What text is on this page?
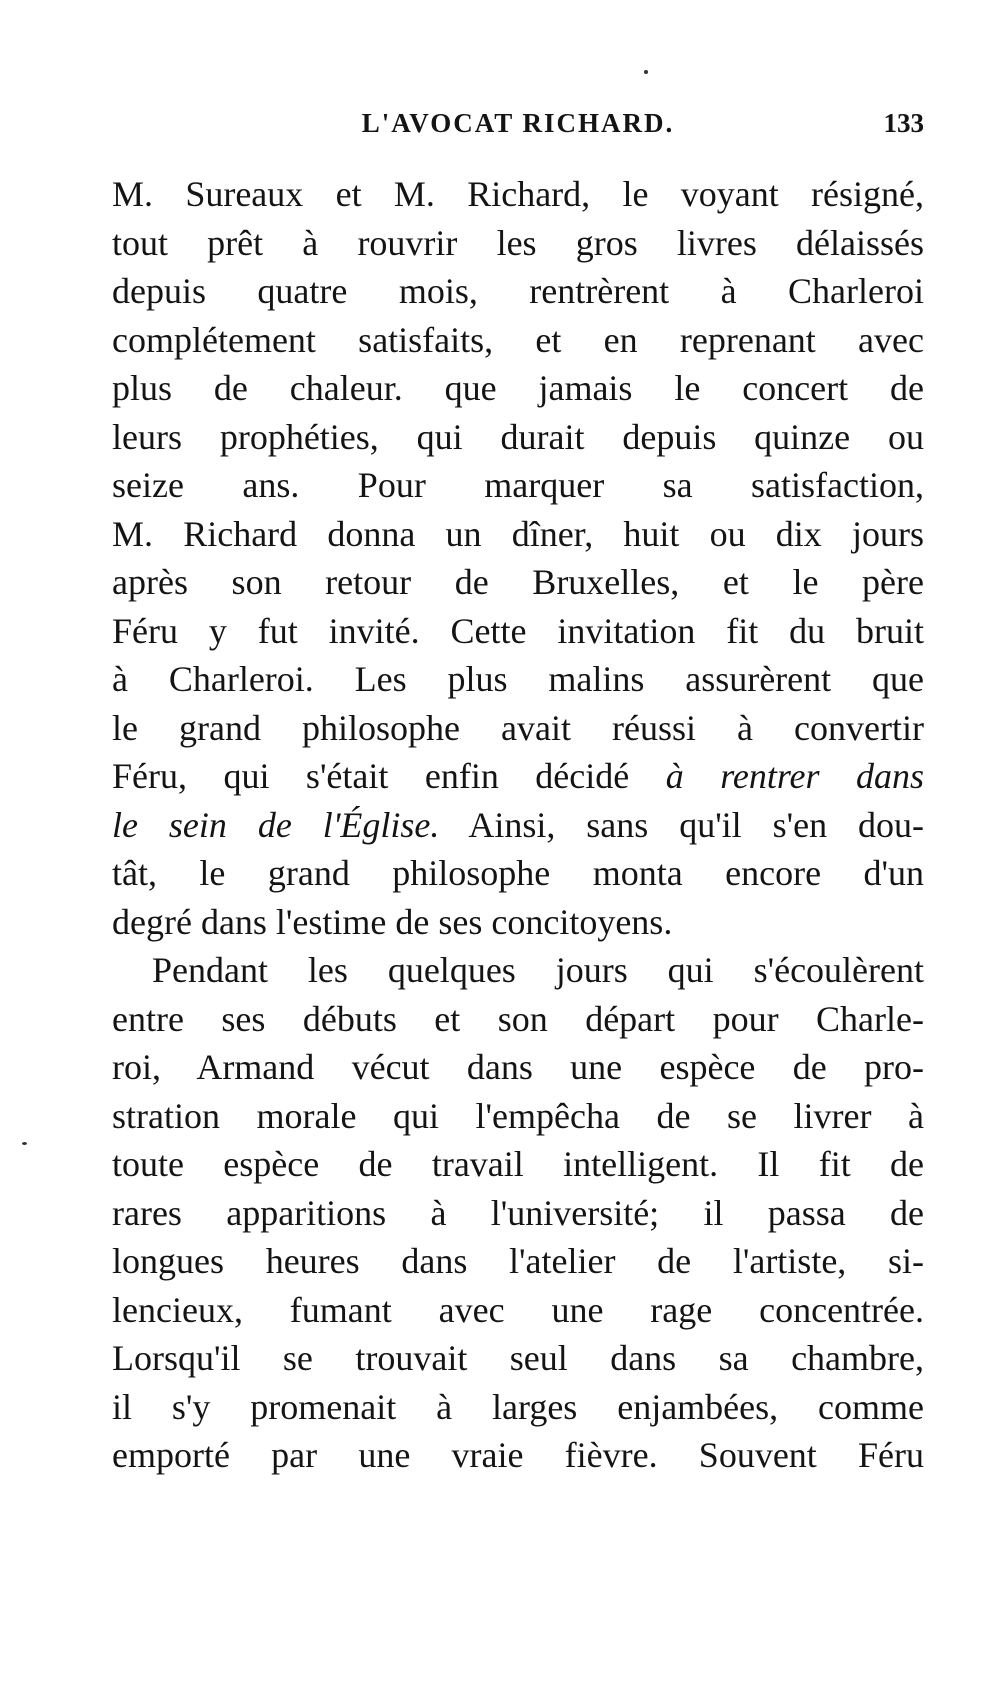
L'AVOCAT RICHARD.	133

M. Sureaux et M. Richard, le voyant résigné,
tout prêt à rouvrir les gros livres délaissés
depuis quatre mois, rentrèrent à Charleroi
complétement satisfaits, et en reprenant avec
plus de chaleur. que jamais le concert de
leurs prophéties, qui durait depuis quinze ou
seize ans. Pour marquer sa satisfaction,
M. Richard donna un dîner, huit ou dix jours
après son retour de Bruxelles, et le père
Féru y fut invité. Cette invitation fit du bruit
à Charleroi. Les plus malins assurèrent que
le grand philosophe avait réussi à convertir
Féru, qui s'était enfin décidé à rentrer dans
le sein de l'Église. Ainsi, sans qu'il s'en dou-
tât, le grand philosophe monta encore d'un
degré dans l'estime de ses concitoyens.

Pendant les quelques jours qui s'écoulèrent
entre ses débuts et son départ pour Charle-
roi, Armand vécut dans une espèce de pro-
stration morale qui l'empêcha de se livrer à
toute espèce de travail intelligent. Il fit de
rares apparitions à l'université; il passa de
longues heures dans l'atelier de l'artiste, si-
lencieux, fumant avec une rage concentrée.
Lorsqu'il se trouvait seul dans sa chambre,
il s'y promenait à larges enjambées, comme
emporté par une vraie fièvre. Souvent Féru
